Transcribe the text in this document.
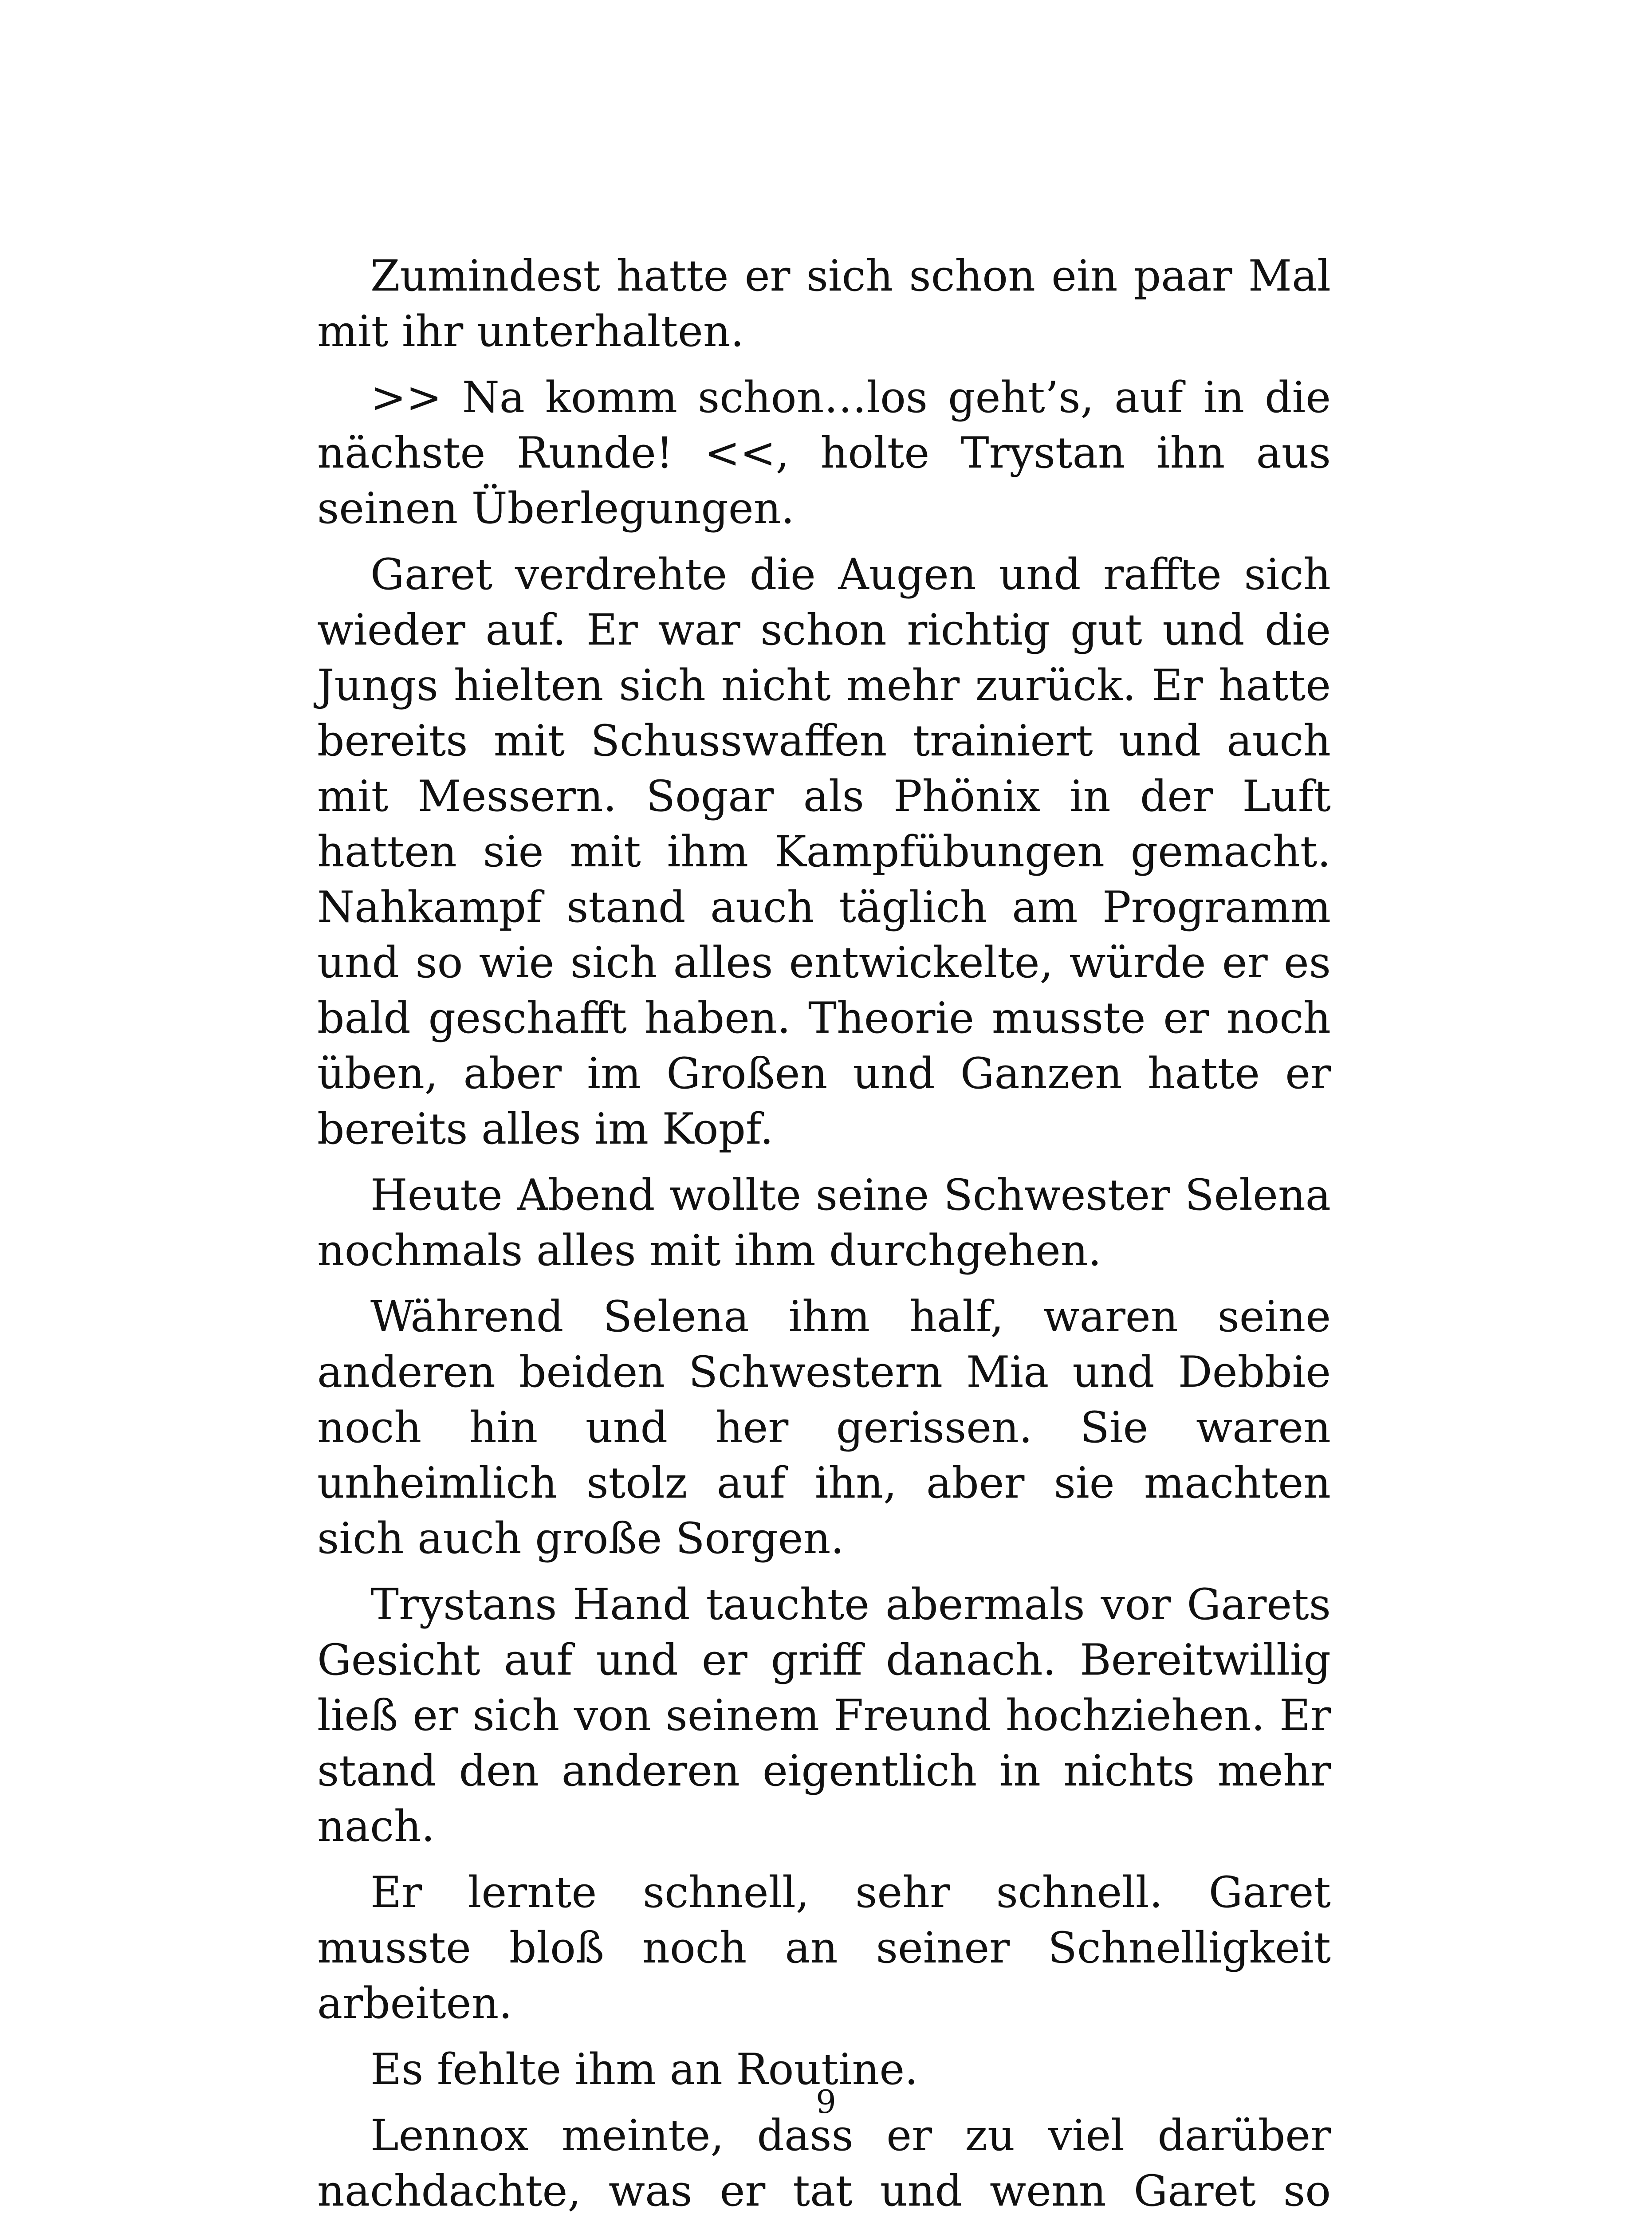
Zumindest hatte er sich schon ein paar Mal mit ihr unterhalten.

>> Na komm schon…los geht’s, auf in die nächste Runde! <<, holte Trystan ihn aus seinen Überlegungen.

Garet verdrehte die Augen und raffte sich wieder auf. Er war schon richtig gut und die Jungs hielten sich nicht mehr zurück. Er hatte bereits mit Schusswaffen trainiert und auch mit Messern. Sogar als Phönix in der Luft hatten sie mit ihm Kampfübungen gemacht. Nahkampf stand auch täglich am Programm und so wie sich alles entwickelte, würde er es bald geschafft haben. Theorie musste er noch üben, aber im Großen und Ganzen hatte er bereits alles im Kopf.

Heute Abend wollte seine Schwester Selena nochmals alles mit ihm durchgehen.

Während Selena ihm half, waren seine anderen beiden Schwestern Mia und Debbie noch hin und her gerissen. Sie waren unheimlich stolz auf ihn, aber sie machten sich auch große Sorgen.

Trystans Hand tauchte abermals vor Garets Gesicht auf und er griff danach. Bereitwillig ließ er sich von seinem Freund hochziehen. Er stand den anderen eigentlich in nichts mehr nach.

Er lernte schnell, sehr schnell. Garet musste bloß noch an seiner Schnelligkeit arbeiten.

Es fehlte ihm an Routine.

Lennox meinte, dass er zu viel darüber nachdachte, was er tat und wenn Garet so

9
